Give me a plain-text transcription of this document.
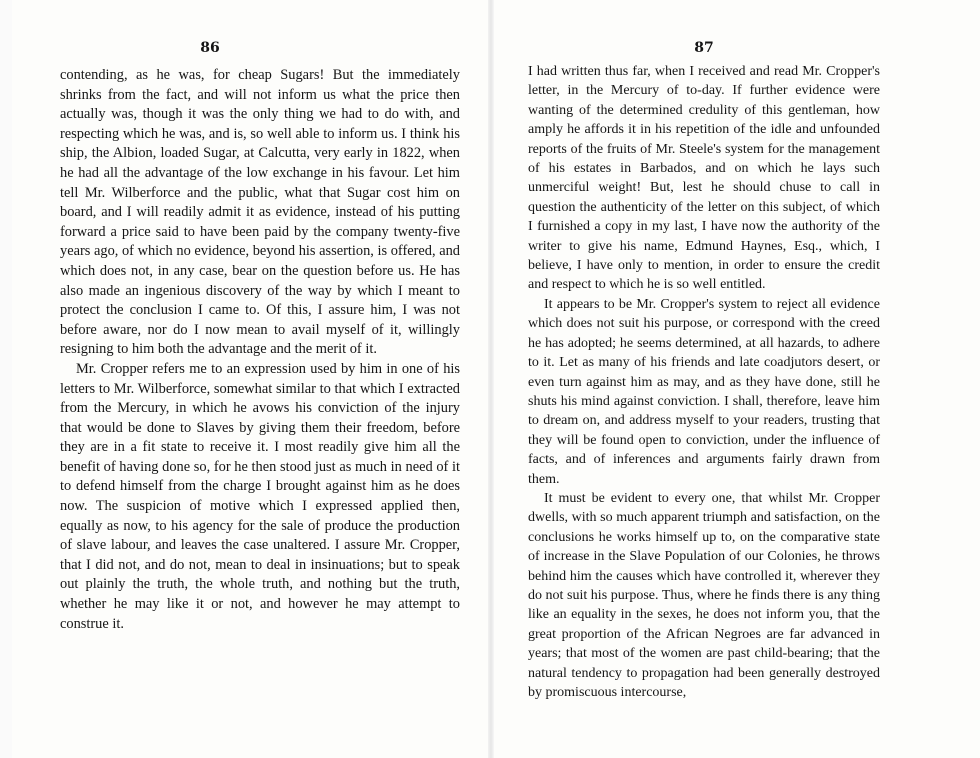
86

contending, as he was, for cheap Sugars! But the immediately shrinks from the fact, and will not inform us what the price then actually was, though it was the only thing we had to do with, and respecting which he was, and is, so well able to inform us. I think his ship, the Albion, loaded Sugar, at Calcutta, very early in 1822, when he had all the advantage of the low exchange in his favour. Let him tell Mr. Wilberforce and the public, what that Sugar cost him on board, and I will readily admit it as evidence, instead of his putting forward a price said to have been paid by the company twenty-five years ago, of which no evidence, beyond his assertion, is offered, and which does not, in any case, bear on the question before us. He has also made an ingenious discovery of the way by which I meant to protect the conclusion I came to. Of this, I assure him, I was not before aware, nor do I now mean to avail myself of it, willingly resigning to him both the advantage and the merit of it.

Mr. Cropper refers me to an expression used by him in one of his letters to Mr. Wilberforce, somewhat similar to that which I extracted from the Mercury, in which he avows his conviction of the injury that would be done to Slaves by giving them their freedom, before they are in a fit state to receive it. I most readily give him all the benefit of having done so, for he then stood just as much in need of it to defend himself from the charge I brought against him as he does now. The suspicion of motive which I expressed applied then, equally as now, to his agency for the sale of produce the production of slave labour, and leaves the case unaltered. I assure Mr. Cropper, that I did not, and do not, mean to deal in insinuations; but to speak out plainly the truth, the whole truth, and nothing but the truth, whether he may like it or not, and however he may attempt to construe it.

87

I had written thus far, when I received and read Mr. Cropper's letter, in the Mercury of to-day. If further evidence were wanting of the determined credulity of this gentleman, how amply he affords it in his repetition of the idle and unfounded reports of the fruits of Mr. Steele's system for the management of his estates in Barbados, and on which he lays such unmerciful weight! But, lest he should chuse to call in question the authenticity of the letter on this subject, of which I furnished a copy in my last, I have now the authority of the writer to give his name, Edmund Haynes, Esq., which, I believe, I have only to mention, in order to ensure the credit and respect to which he is so well entitled.

It appears to be Mr. Cropper's system to reject all evidence which does not suit his purpose, or correspond with the creed he has adopted; he seems determined, at all hazards, to adhere to it. Let as many of his friends and late coadjutors desert, or even turn against him as may, and as they have done, still he shuts his mind against conviction. I shall, therefore, leave him to dream on, and address myself to your readers, trusting that they will be found open to conviction, under the influence of facts, and of inferences and arguments fairly drawn from them.

It must be evident to every one, that whilst Mr. Cropper dwells, with so much apparent triumph and satisfaction, on the conclusions he works himself up to, on the comparative state of increase in the Slave Population of our Colonies, he throws behind him the causes which have controlled it, wherever they do not suit his purpose. Thus, where he finds there is any thing like an equality in the sexes, he does not inform you, that the great proportion of the African Negroes are far advanced in years; that most of the women are past child-bearing; that the natural tendency to propagation had been generally destroyed by promiscuous intercourse,
